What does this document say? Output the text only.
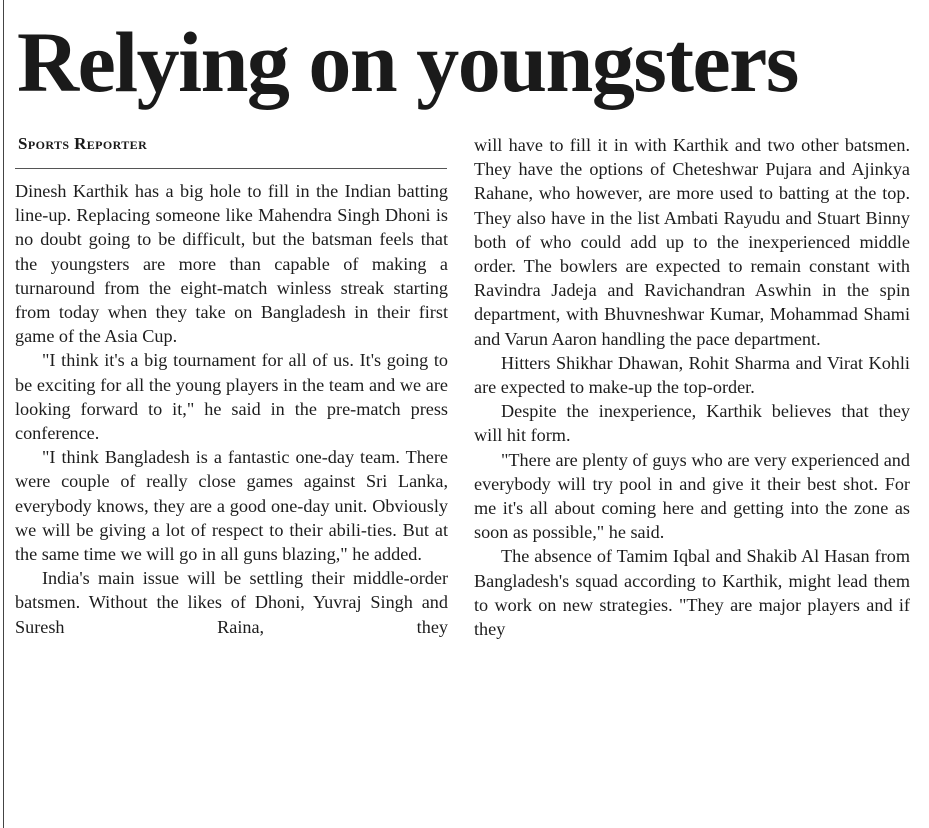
Relying on youngsters
Sports Reporter

Dinesh Karthik has a big hole to fill in the Indian batting line-up. Replacing someone like Mahendra Singh Dhoni is no doubt going to be difficult, but the batsman feels that the youngsters are more than capable of making a turnaround from the eight-match winless streak starting from today when they take on Bangladesh in their first game of the Asia Cup.

"I think it's a big tournament for all of us. It's going to be exciting for all the young players in the team and we are looking forward to it," he said in the pre-match press conference.

"I think Bangladesh is a fantastic one-day team. There were couple of really close games against Sri Lanka, everybody knows, they are a good one-day unit. Obviously we will be giving a lot of respect to their abili-ties. But at the same time we will go in all guns blazing," he added.

India's main issue will be settling their middle-order batsmen. Without the likes of Dhoni, Yuvraj Singh and Suresh Raina, they

will have to fill it in with Karthik and two other batsmen. They have the options of Cheteshwar Pujara and Ajinkya Rahane, who however, are more used to batting at the top. They also have in the list Ambati Rayudu and Stuart Binny both of who could add up to the inexperienced middle order. The bowlers are expected to remain constant with Ravindra Jadeja and Ravichandran Aswhin in the spin department, with Bhuvneshwar Kumar, Mohammad Shami and Varun Aaron handling the pace department.

Hitters Shikhar Dhawan, Rohit Sharma and Virat Kohli are expected to make-up the top-order.

Despite the inexperience, Karthik believes that they will hit form.

"There are plenty of guys who are very experienced and everybody will try pool in and give it their best shot. For me it's all about coming here and getting into the zone as soon as possible," he said.

The absence of Tamim Iqbal and Shakib Al Hasan from Bangladesh's squad according to Karthik, might lead them to work on new strategies. "They are major players and if they
